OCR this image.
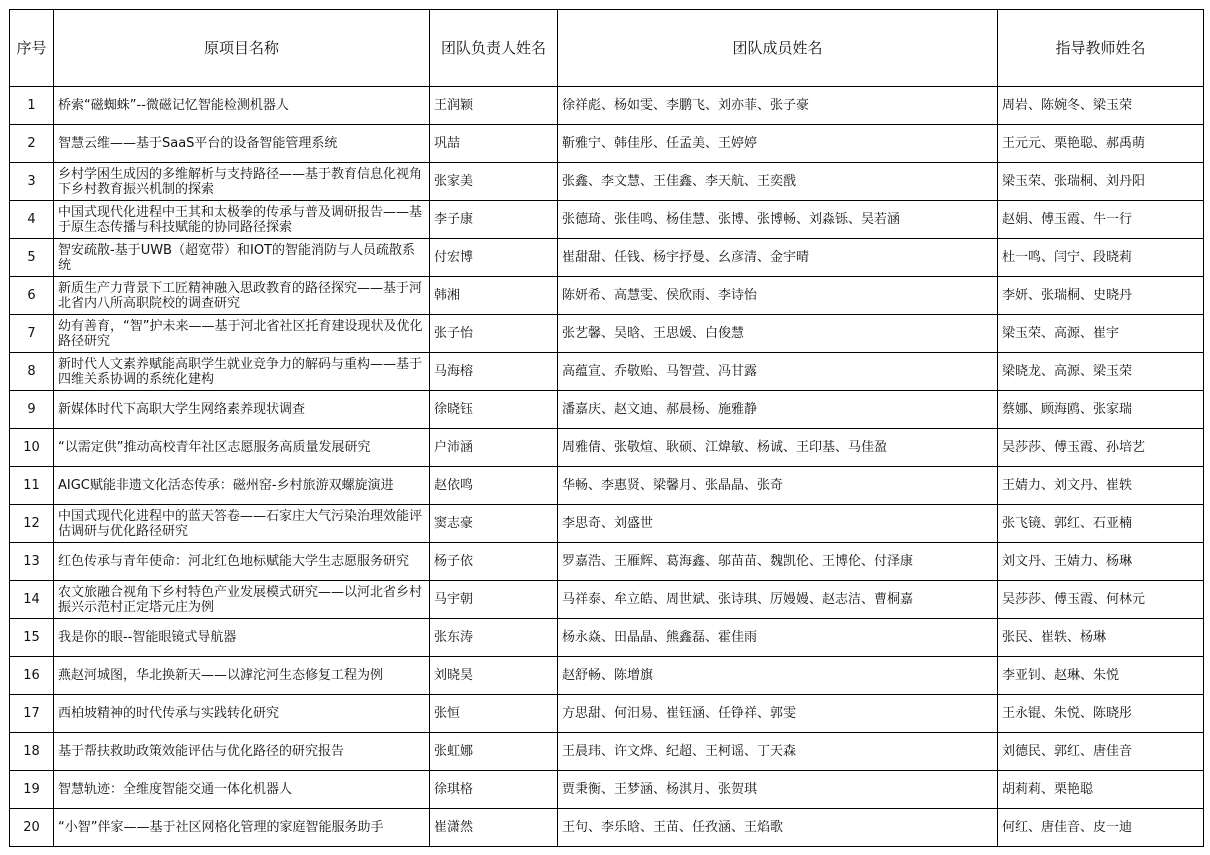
序号	原项目名称	团队负责人姓名	团队成员姓名	指导教师姓名
1	桥索“磁蜘蛛”--微磁记忆智能检测机器人	王润颖	徐祥彪、杨如雯、李鹏飞、刘亦菲、张子豪	周岩、陈婉冬、梁玉荣
2	智慧云维——基于SaaS平台的设备智能管理系统	巩喆	靳雅宁、韩佳彤、任孟美、王婷婷	王元元、栗艳聪、郝禹萌
3	乡村学困生成因的多维解析与支持路径——基于教育信息化视角下乡村教育振兴机制的探索	张家美	张鑫、李文慧、王佳鑫、李天航、王奕戬	梁玉荣、张瑞桐、刘丹阳
4	中国式现代化进程中王其和太极拳的传承与普及调研报告——基于原生态传播与科技赋能的协同路径探索	李子康	张德琦、张佳鸣、杨佳慧、张博、张博畅、刘淼铄、吴若涵	赵娟、傅玉霞、牛一行
5	智安疏散-基于UWB（超宽带）和IOT的智能消防与人员疏散系统	付宏博	崔甜甜、任钱、杨宇抒曼、幺彦清、金宇晴	杜一鸣、闫宁、段晓莉
6	新质生产力背景下工匠精神融入思政教育的路径探究——基于河北省内八所高职院校的调查研究	韩湘	陈妍希、高慧雯、侯欣雨、李诗怡	李妍、张瑞桐、史晓丹
7	幼有善育，“智”护未来——基于河北省社区托育建设现状及优化路径研究	张子怡	张艺馨、吴晗、王思媛、白俊慧	梁玉荣、高源、崔宇
8	新时代人文素养赋能高职学生就业竞争力的解码与重构——基于四维关系协调的系统化建构	马海榕	高蕴宣、乔敬贻、马智萱、冯甘露	梁晓龙、高源、梁玉荣
9	新媒体时代下高职大学生网络素养现状调查	徐晓钰	潘嘉庆、赵文迪、郝晨杨、施雅静	蔡娜、顾海鸥、张家瑞
10	“以需定供”推动高校青年社区志愿服务高质量发展研究	户沛涵	周雅倩、张敬煊、耿硕、江煒敏、杨诚、王印基、马佳盈	吴莎莎、傅玉霞、孙培艺
11	AIGC赋能非遗文化活态传承：磁州窑-乡村旅游双螺旋演进	赵依鸣	华畅、李惠贤、梁馨月、张晶晶、张奇	王婧力、刘文丹、崔轶
12	中国式现代化进程中的蓝天答卷——石家庄大气污染治理效能评估调研与优化路径研究	窦志豪	李思奇、刘盛世	张飞镜、郭红、石亚楠
13	红色传承与青年使命：河北红色地标赋能大学生志愿服务研究	杨子依	罗嘉浩、王雁辉、葛海鑫、邬苗苗、魏凯伦、王博伦、付泽康	刘文丹、王婧力、杨琳
14	农文旅融合视角下乡村特色产业发展模式研究——以河北省乡村振兴示范村正定塔元庄为例	马宇朝	马祥泰、牟立皓、周世斌、张诗琪、厉嫚嫚、赵志洁、曹桐嘉	吴莎莎、傅玉霞、何林元
15	我是你的眼--智能眼镜式导航器	张东涛	杨永焱、田晶晶、熊鑫磊、霍佳雨	张民、崔轶、杨琳
16	燕赵河城图，华北换新天——以滹沱河生态修复工程为例	刘晓昊	赵舒畅、陈增旗	李亚钊、赵琳、朱悦
17	西柏坡精神的时代传承与实践转化研究	张恒	方思甜、何汨易、崔钰涵、任铮祥、郭雯	王永锟、朱悦、陈晓彤
18	基于帮扶救助政策效能评估与优化路径的研究报告	张虹娜	王晨玮、许文烨、纪超、王柯谣、丁天森	刘德民、郭红、唐佳音
19	智慧轨迹：全维度智能交通一体化机器人	徐琪格	贾秉衡、王梦涵、杨淇月、张贺琪	胡莉莉、栗艳聪
20	“小智”伴家——基于社区网格化管理的家庭智能服务助手	崔潇然	王句、李乐晗、王苗、任孜涵、王焰歌	何红、唐佳音、皮一迪
